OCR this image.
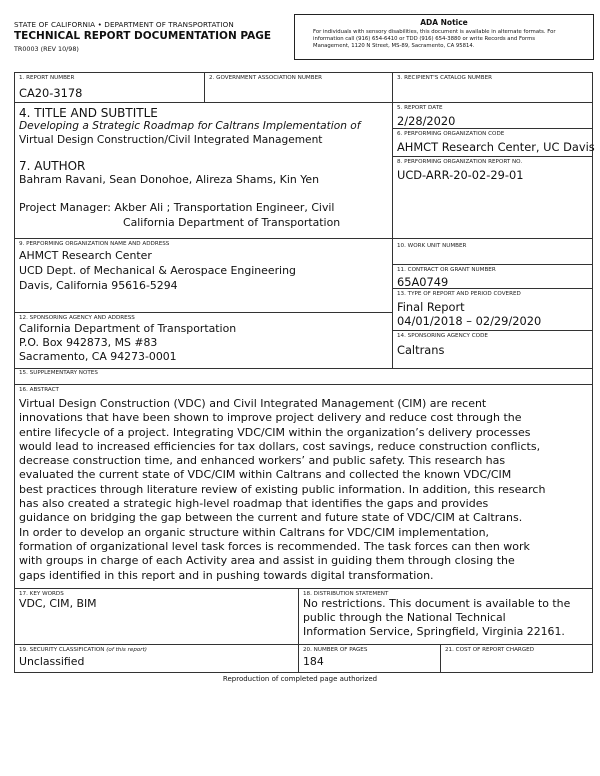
STATE OF CALIFORNIA • DEPARTMENT OF TRANSPORTATION
TECHNICAL REPORT DOCUMENTATION PAGE
TR0003 (REV 10/98)
ADA Notice
For individuals with sensory disabilities, this document is available in alternate formats. For
information call (916) 654-6410 or TDD (916) 654-3880 or write Records and Forms
Management, 1120 N Street, MS-89, Sacramento, CA 95814.
1. REPORT NUMBER
CA20-3178
2. GOVERNMENT ASSOCIATION NUMBER	3. RECIPIENT'S CATALOG NUMBER
4. TITLE AND SUBTITLE
Developing a Strategic Roadmap for Caltrans Implementation of
Virtual Design Construction/Civil Integrated Management
7. AUTHOR
Bahram Ravani, Sean Donohoe, Alireza Shams, Kin Yen
Project Manager: Akber Ali ; Transportation Engineer, Civil
California Department of Transportation
5. REPORT DATE
2/28/2020
6. PERFORMING ORGANIZATION CODE
AHMCT Research Center, UC Davis
8. PERFORMING ORGANIZATION REPORT NO.
UCD-ARR-20-02-29-01
9. PERFORMING ORGANIZATION NAME AND ADDRESS
AHMCT Research Center
UCD Dept. of Mechanical & Aerospace Engineering
Davis, California 95616-5294
10. WORK UNIT NUMBER
11. CONTRACT OR GRANT NUMBER
65A0749
12. SPONSORING AGENCY AND ADDRESS
California Department of Transportation
P.O. Box 942873, MS #83
Sacramento, CA 94273-0001
13. TYPE OF REPORT AND PERIOD COVERED
Final Report
04/01/2018 – 02/29/2020
14. SPONSORING AGENCY CODE
Caltrans
15. SUPPLEMENTARY NOTES
16. ABSTRACT
Virtual Design Construction (VDC) and Civil Integrated Management (CIM) are recent
innovations that have been shown to improve project delivery and reduce cost through the
entire lifecycle of a project. Integrating VDC/CIM within the organization’s delivery processes
would lead to increased efficiencies for tax dollars, cost savings, reduce construction conflicts,
decrease construction time, and enhanced workers’ and public safety. This research has
evaluated the current state of VDC/CIM within Caltrans and collected the known VDC/CIM
best practices through literature review of existing public information. In addition, this research
has also created a strategic high-level roadmap that identifies the gaps and provides
guidance on bridging the gap between the current and future state of VDC/CIM at Caltrans.
In order to develop an organic structure within Caltrans for VDC/CIM implementation,
formation of organizational level task forces is recommended. The task forces can then work
with groups in charge of each Activity area and assist in guiding them through closing the
gaps identified in this report and in pushing towards digital transformation.
17. KEY WORDS
VDC, CIM, BIM
18. DISTRIBUTION STATEMENT
No restrictions. This document is available to the
public through the National Technical
Information Service, Springfield, Virginia 22161.
19. SECURITY CLASSIFICATION (of this report)
Unclassified
20. NUMBER OF PAGES
184
21. COST OF REPORT CHARGED
Reproduction of completed page authorized
